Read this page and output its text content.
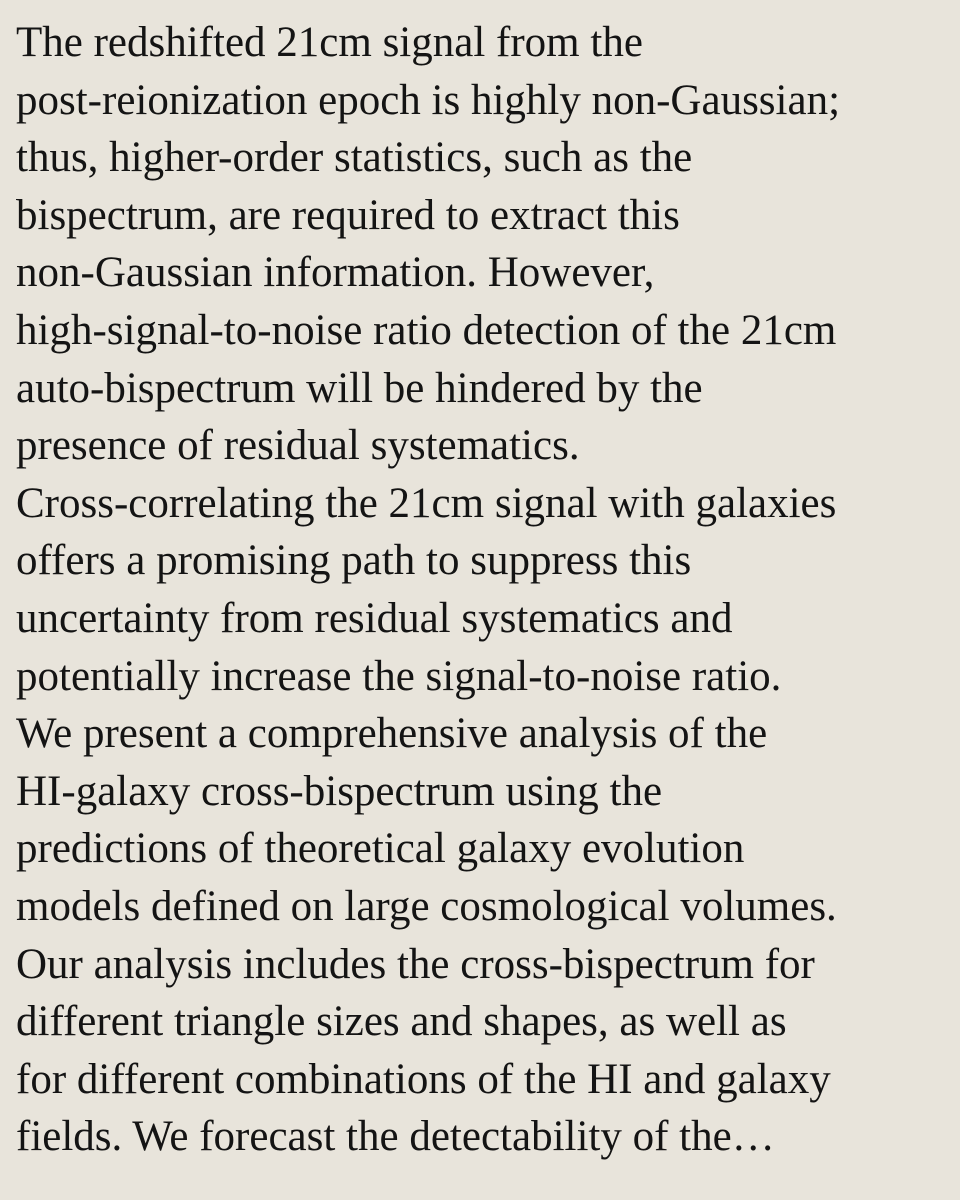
The redshifted 21cm signal from the
post-reionization epoch is highly non-Gaussian;
thus, higher-order statistics, such as the
bispectrum, are required to extract this
non-Gaussian information. However,
high-signal-to-noise ratio detection of the 21cm
auto-bispectrum will be hindered by the
presence of residual systematics.
Cross-correlating the 21cm signal with galaxies
offers a promising path to suppress this
uncertainty from residual systematics and
potentially increase the signal-to-noise ratio.
We present a comprehensive analysis of the
HI-galaxy cross-bispectrum using the
predictions of theoretical galaxy evolution
models defined on large cosmological volumes.
Our analysis includes the cross-bispectrum for
different triangle sizes and shapes, as well as
for different combinations of the HI and galaxy
fields. We forecast the detectability of the…
